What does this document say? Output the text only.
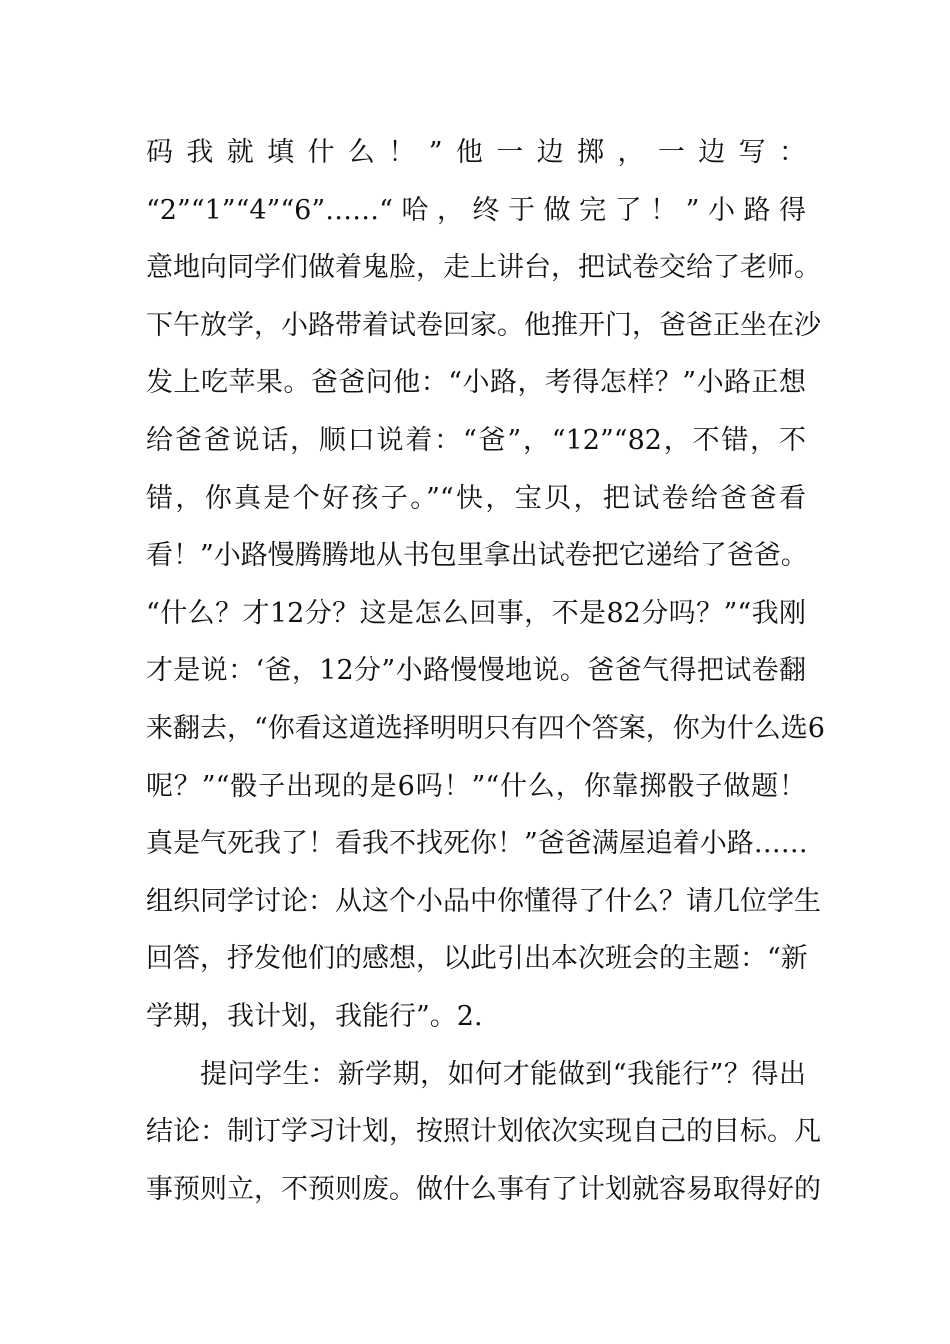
码我就填什么！”他一边掷，一边写：
“2”“1”“4”“6”……“哈，终于做完了！”小路得
意地向同学们做着鬼脸，走上讲台，把试卷交给了老师。
下午放学，小路带着试卷回家。他推开门，爸爸正坐在沙
发上吃苹果。爸爸问他：“小路，考得怎样？”小路正想
给爸爸说话，顺口说着：“爸”，“12”“82，不错，不
错，你真是个好孩子。”“快，宝贝，把试卷给爸爸看
看！”小路慢腾腾地从书包里拿出试卷把它递给了爸爸。
“什么？才12分？这是怎么回事，不是82分吗？”“我刚
才是说：‘爸，12分”小路慢慢地说。爸爸气得把试卷翻
来翻去，“你看这道选择明明只有四个答案，你为什么选6
呢？”“骰子出现的是6吗！”“什么，你靠掷骰子做题！
真是气死我了！看我不找死你！”爸爸满屋追着小路……
组织同学讨论：从这个小品中你懂得了什么？请几位学生
回答，抒发他们的感想，以此引出本次班会的主题：“新
学期，我计划，我能行”。2.
提问学生：新学期，如何才能做到“我能行”？得出
结论：制订学习计划，按照计划依次实现自己的目标。凡
事预则立，不预则废。做什么事有了计划就容易取得好的
